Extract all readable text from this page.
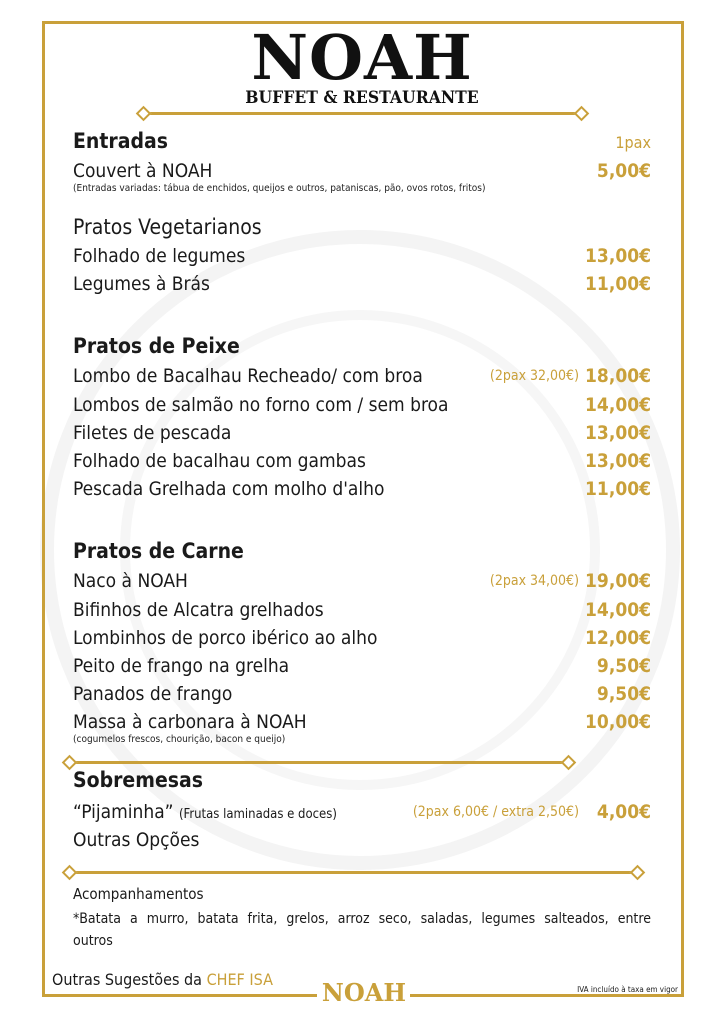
NOAH
BUFFET & RESTAURANTE
Entradas	1pax
Couvert à NOAH	5,00€
(Entradas variadas: tábua de enchidos, queijos e outros, pataniscas, pão, ovos rotos, fritos)
Pratos Vegetarianos
Folhado de legumes	13,00€
Legumes à Brás	11,00€
Pratos de Peixe
Lombo de Bacalhau Recheado/ com broa	(2pax 32,00€) 18,00€
Lombos de salmão no forno com / sem broa	14,00€
Filetes de pescada	13,00€
Folhado de bacalhau com gambas	13,00€
Pescada Grelhada com molho d'alho	11,00€
Pratos de Carne
Naco à NOAH	(2pax 34,00€) 19,00€
Bifinhos de Alcatra grelhados	14,00€
Lombinhos de porco ibérico ao alho	12,00€
Peito de frango na grelha	9,50€
Panados de frango	9,50€
Massa à carbonara à NOAH	10,00€
(cogumelos frescos, chourição, bacon e queijo)
Sobremesas
“Pijaminha” (Frutas laminadas e doces)	(2pax 6,00€ / extra 2,50€) 4,00€
Outras Opções
Acompanhamentos
*Batata a murro, batata frita, grelos, arroz seco, saladas, legumes salteados, entre outros
Outras Sugestões da CHEF ISA NOAH	IVA incluído à taxa em vigor
